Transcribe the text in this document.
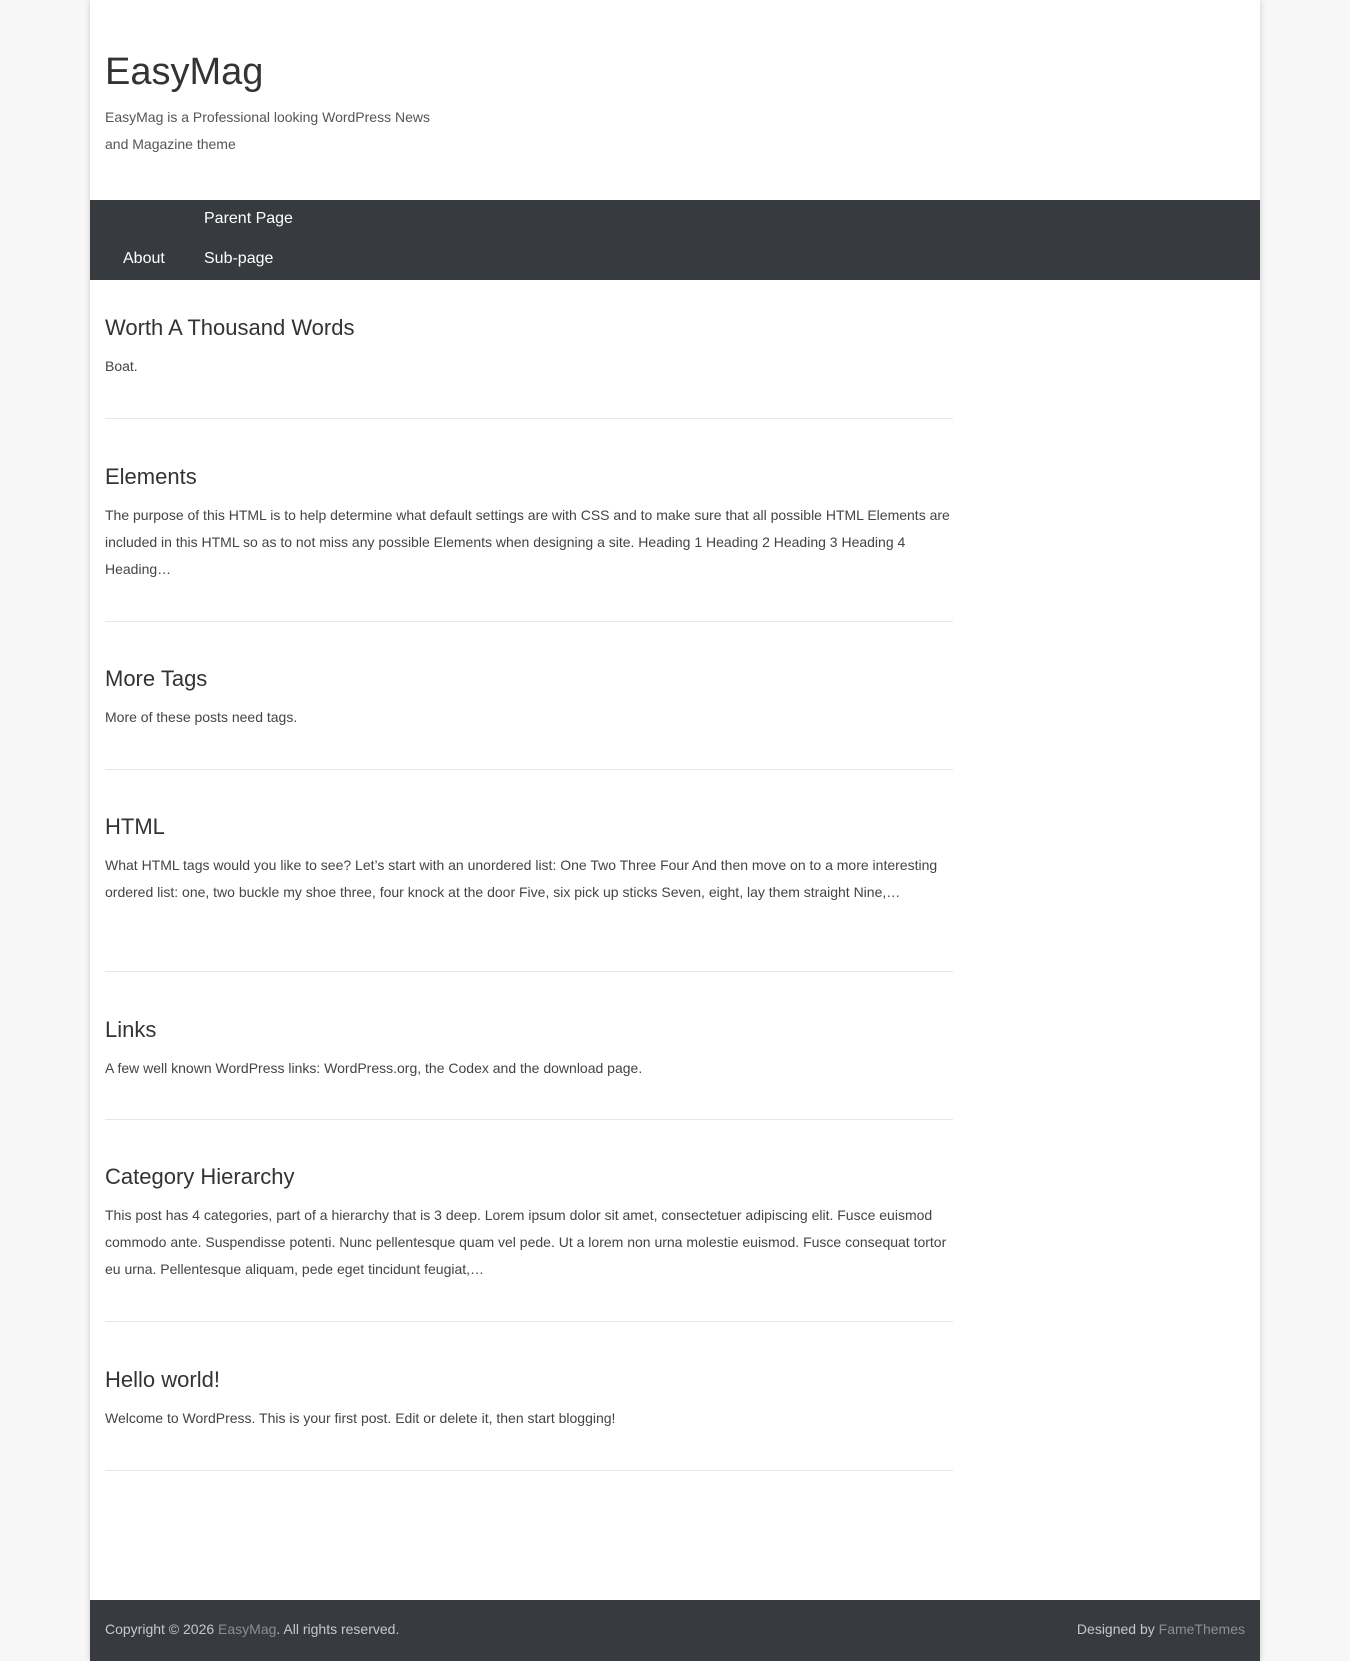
EasyMag

EasyMag is a Professional looking WordPress News and Magazine theme

Parent Page
About Sub-page
Worth A Thousand Words

Boat.

Elements

The purpose of this HTML is to help determine what default settings are with CSS and to make sure that all possible HTML Elements are included in this HTML so as to not miss any possible Elements when designing a site. Heading 1 Heading 2 Heading 3 Heading 4 Heading…

More Tags

More of these posts need tags.

HTML

What HTML tags would you like to see? Let’s start with an unordered list: One Two Three Four And then move on to a more interesting ordered list: one, two buckle my shoe three, four knock at the door Five, six pick up sticks Seven, eight, lay them straight Nine,…

Links

A few well known WordPress links: WordPress.org, the Codex and the download page.

Category Hierarchy

This post has 4 categories, part of a hierarchy that is 3 deep. Lorem ipsum dolor sit amet, consectetuer adipiscing elit. Fusce euismod commodo ante. Suspendisse potenti. Nunc pellentesque quam vel pede. Ut a lorem non urna molestie euismod. Fusce consequat tortor eu urna. Pellentesque aliquam, pede eget tincidunt feugiat,…

Hello world!

Welcome to WordPress. This is your first post. Edit or delete it, then start blogging!

Copyright © 2026 EasyMag. All rights reserved.	Designed by FameThemes
